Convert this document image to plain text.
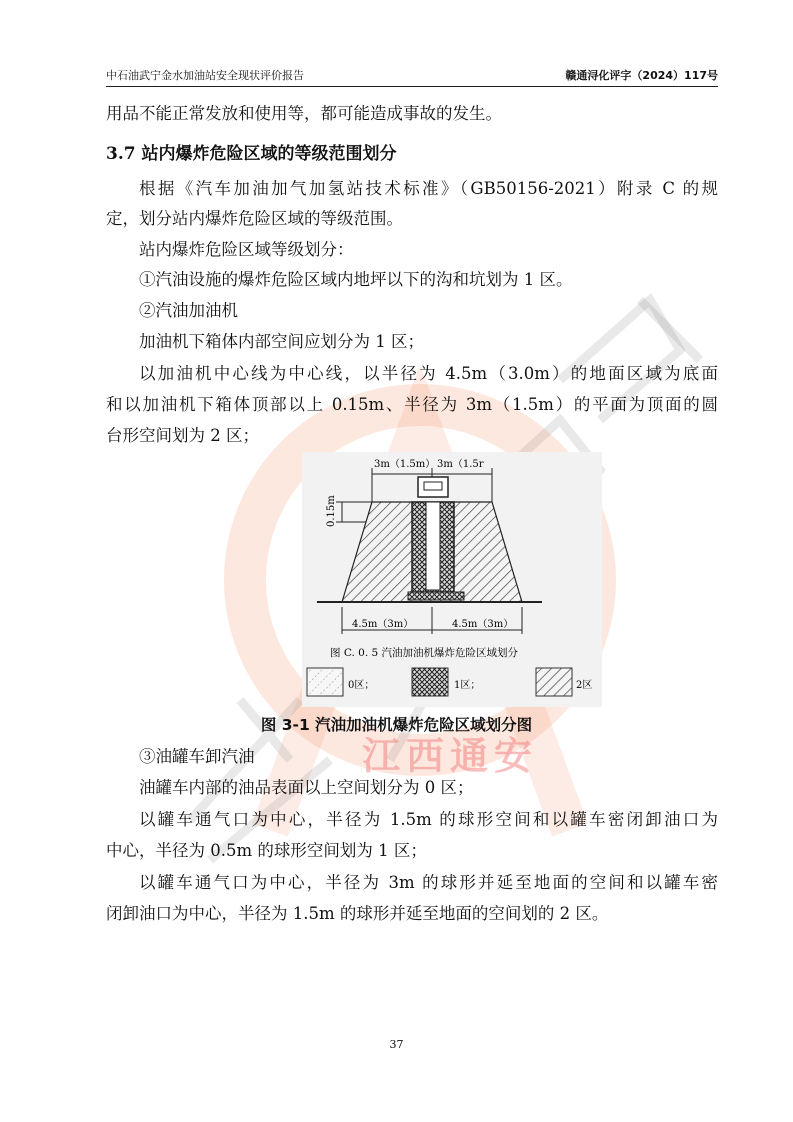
中石油武宁金水加油站安全现状评价报告	赣通浔化评字（2024）117号
用品不能正常发放和使用等，都可能造成事故的发生。
3.7 站内爆炸危险区域的等级范围划分
根据《汽车加油加气加氢站技术标准》（GB50156-2021）附录 C 的规
定，划分站内爆炸危险区域的等级范围。
站内爆炸危险区域等级划分：
①汽油设施的爆炸危险区域内地坪以下的沟和坑划为 1 区。
②汽油加油机
加油机下箱体内部空间应划分为 1 区；
以加油机中心线为中心线，以半径为 4.5m（3.0m）的地面区域为底面
和以加油机下箱体顶部以上 0.15m、半径为 3m（1.5m）的平面为顶面的圆
台形空间划为 2 区；
3m（1.5m） 3m（1.5r
0.15m
4.5m（3m）	4.5m（3m）
图 C. 0. 5 汽油加油机爆炸危险区域划分
0区；	1区；	2区
图 3-1 汽油加油机爆炸危险区域划分图
江西通安
③油罐车卸汽油
油罐车内部的油品表面以上空间划分为 0 区；
以罐车通气口为中心，半径为 1.5m 的球形空间和以罐车密闭卸油口为
中心，半径为 0.5m 的球形空间划为 1 区；
以罐车通气口为中心，半径为 3m 的球形并延至地面的空间和以罐车密
闭卸油口为中心，半径为 1.5m 的球形并延至地面的空间划的 2 区。
37
